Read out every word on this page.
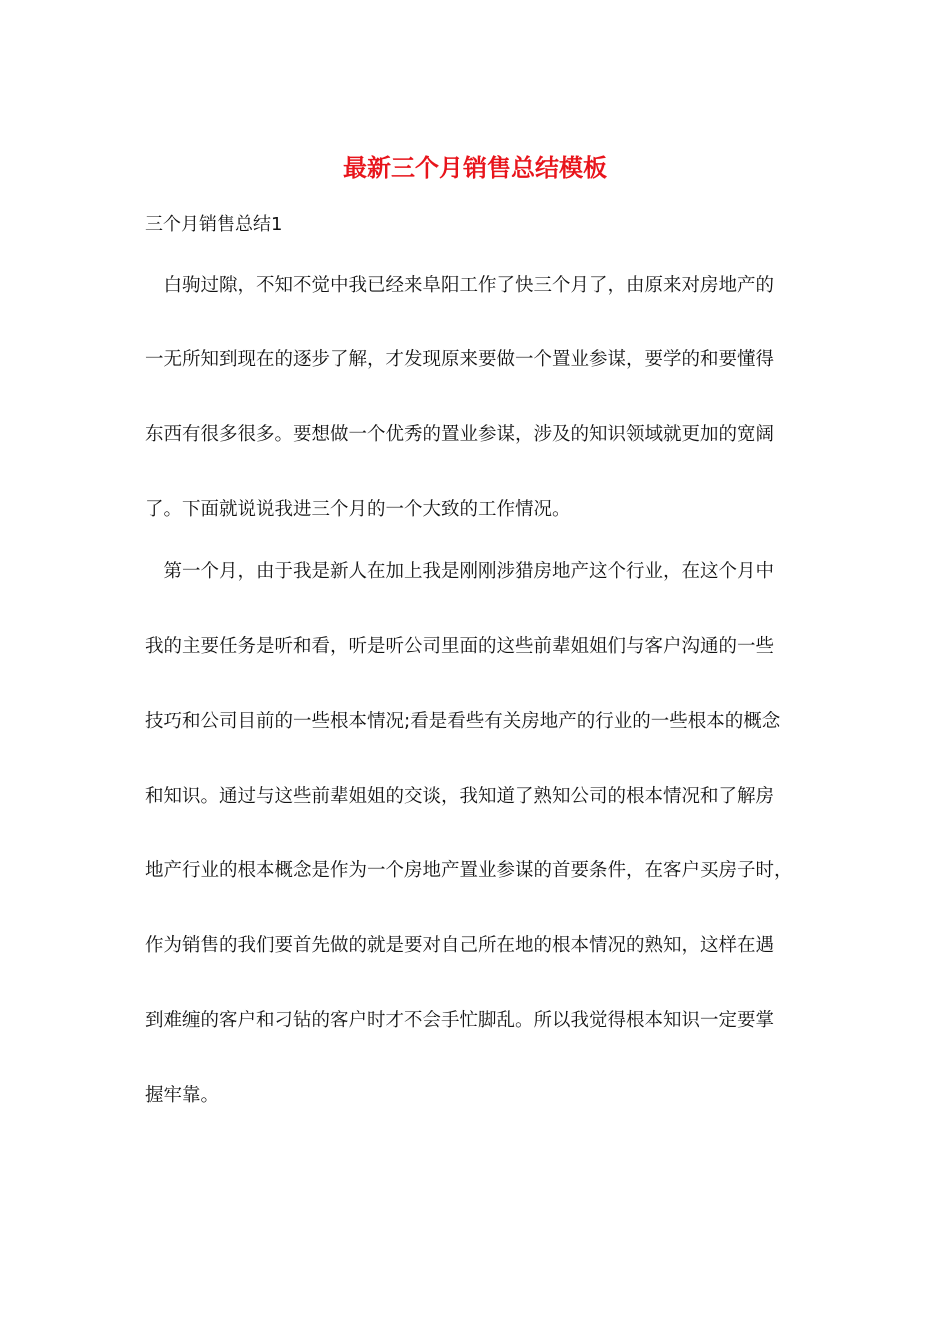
最新三个月销售总结模板
三个月销售总结1
　白驹过隙，不知不觉中我已经来阜阳工作了快三个月了，由原来对房地产的
一无所知到现在的逐步了解，才发现原来要做一个置业参谋，要学的和要懂得
东西有很多很多。要想做一个优秀的置业参谋，涉及的知识领域就更加的宽阔
了。下面就说说我进三个月的一个大致的工作情况。
　第一个月，由于我是新人在加上我是刚刚涉猎房地产这个行业，在这个月中
我的主要任务是听和看，听是听公司里面的这些前辈姐姐们与客户沟通的一些
技巧和公司目前的一些根本情况;看是看些有关房地产的行业的一些根本的概念
和知识。通过与这些前辈姐姐的交谈，我知道了熟知公司的根本情况和了解房
地产行业的根本概念是作为一个房地产置业参谋的首要条件，在客户买房子时，
作为销售的我们要首先做的就是要对自己所在地的根本情况的熟知，这样在遇
到难缠的客户和刁钻的客户时才不会手忙脚乱。所以我觉得根本知识一定要掌
握牢靠。
